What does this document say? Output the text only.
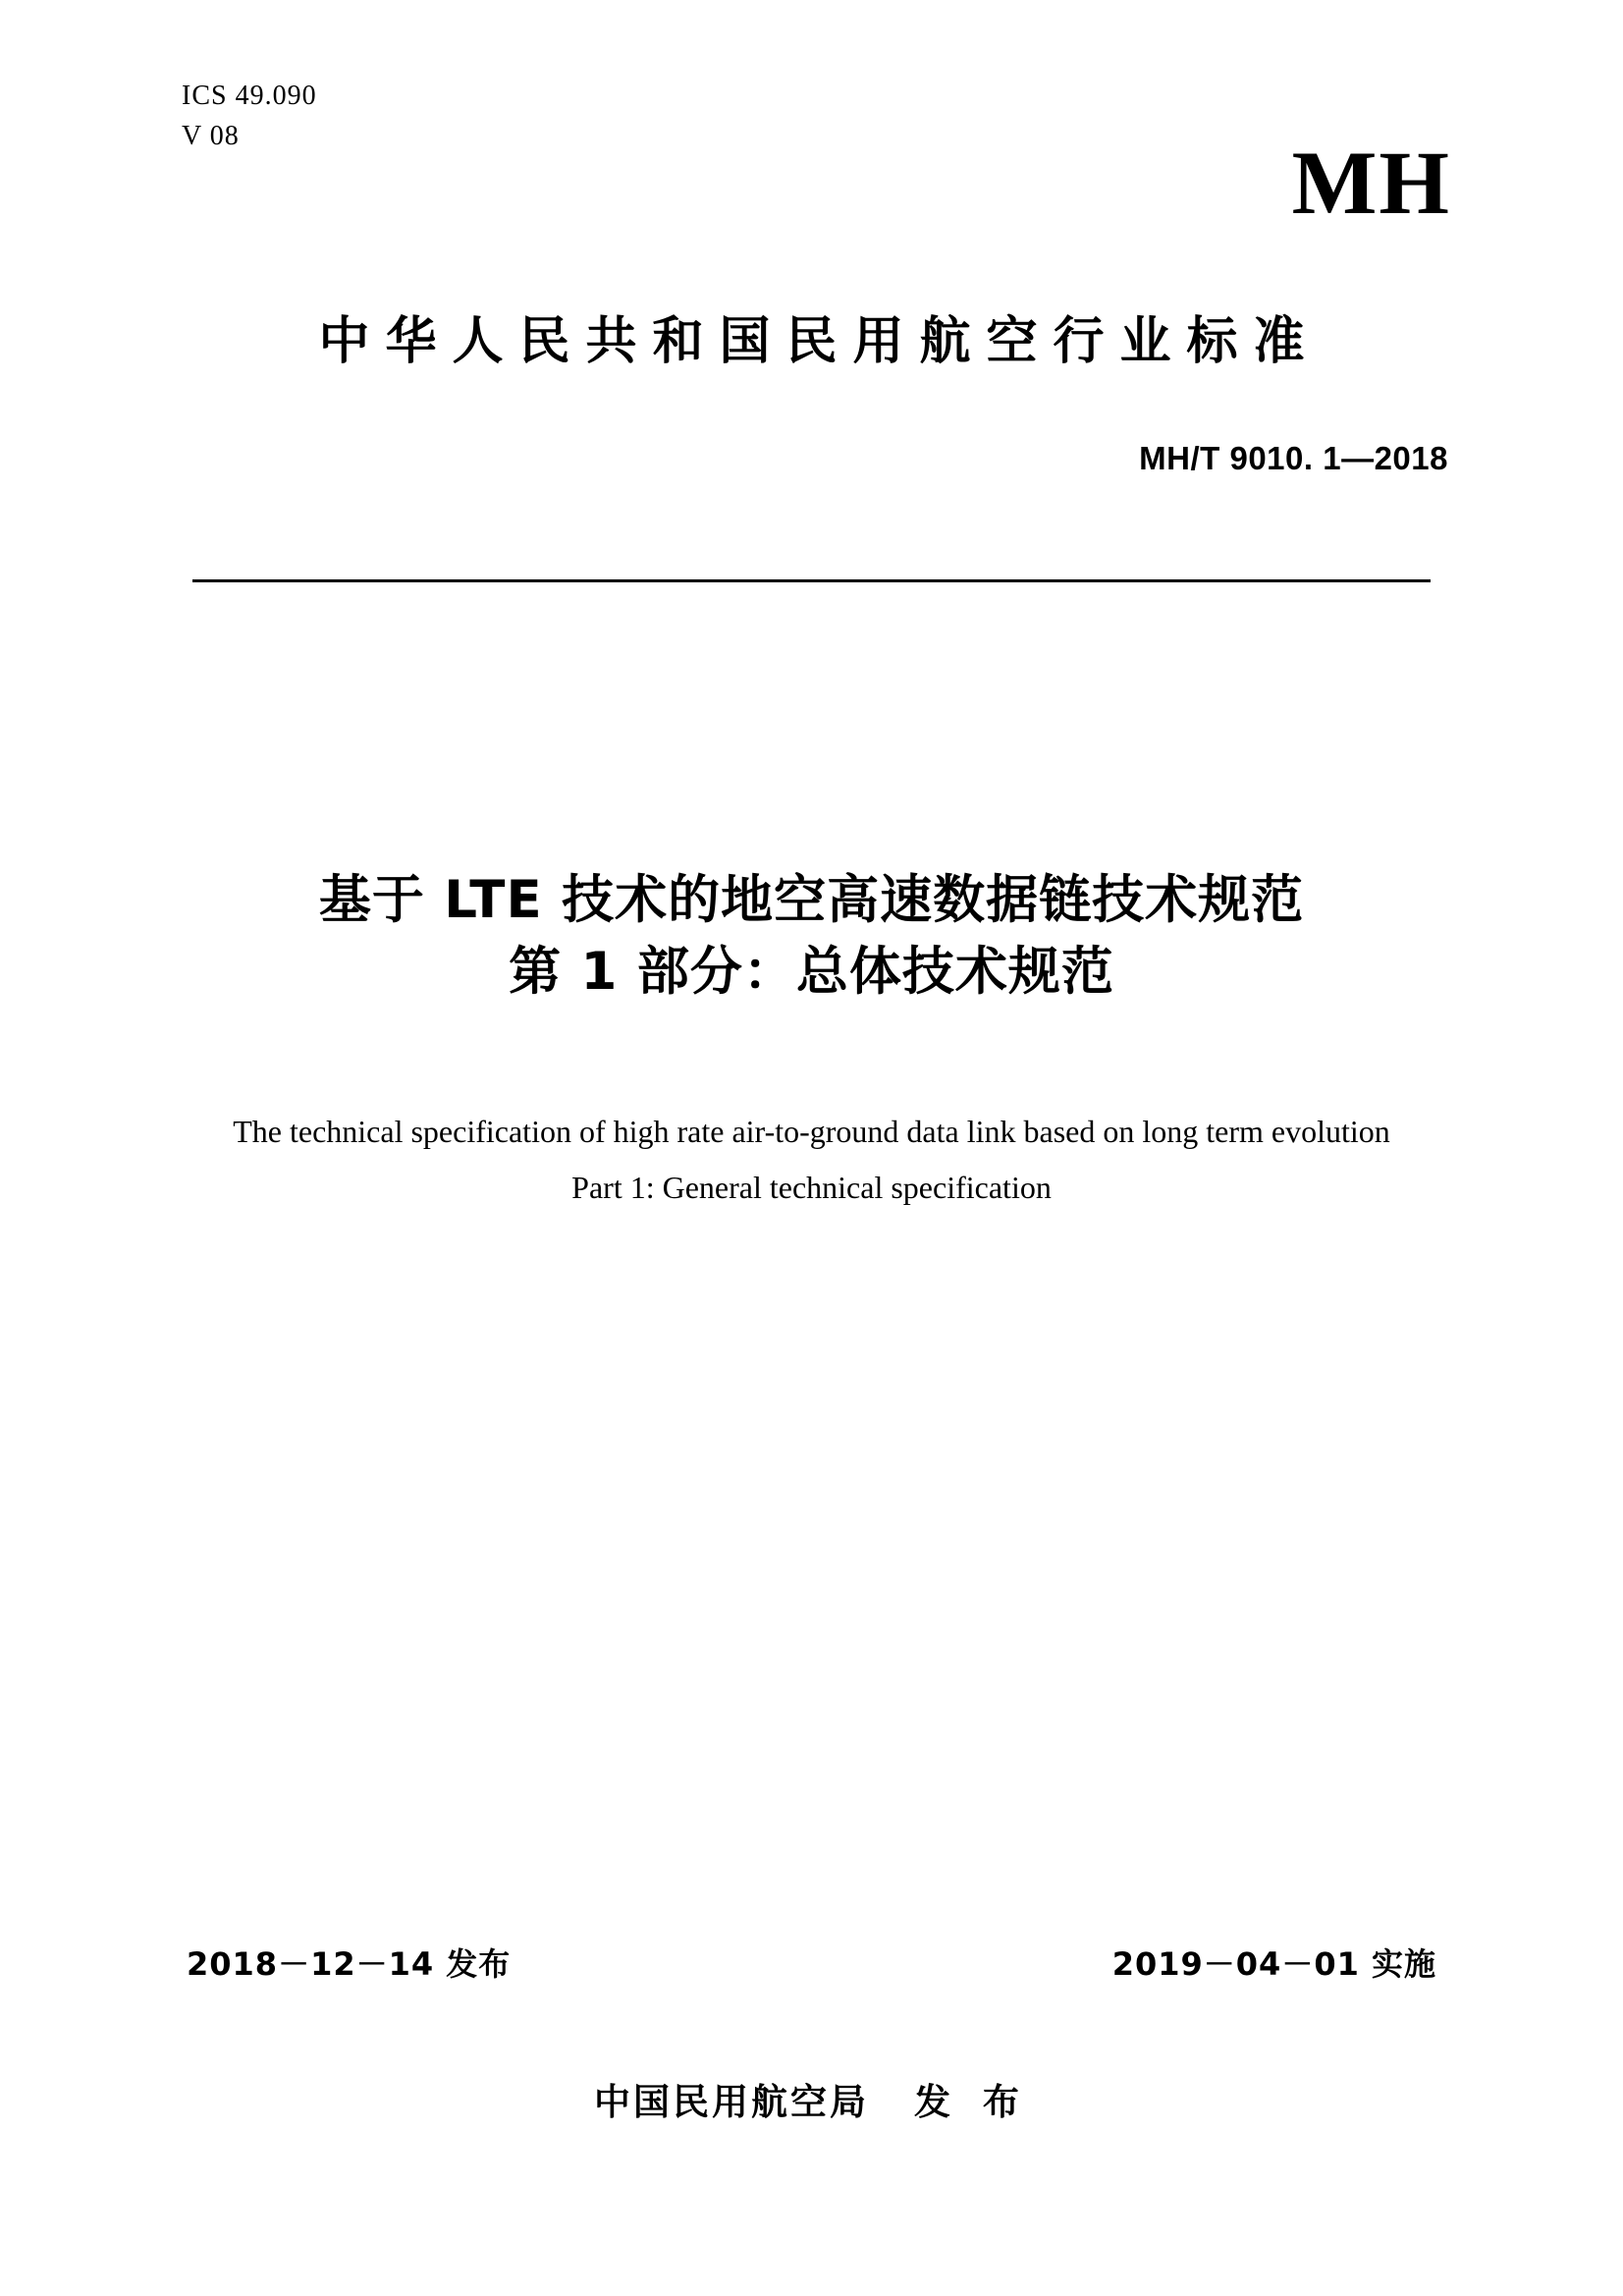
ICS 49.090
V 08	MH
中华人民共和国民用航空行业标准
MH/T 9010. 1—2018
基于 LTE 技术的地空高速数据链技术规范
第 1 部分：总体技术规范
The technical specification of high rate air-to-ground data link based on long term evolution
Part 1: General technical specification
2018－12－14 发布	2019－04－01 实施
中国民用航空局 发 布
